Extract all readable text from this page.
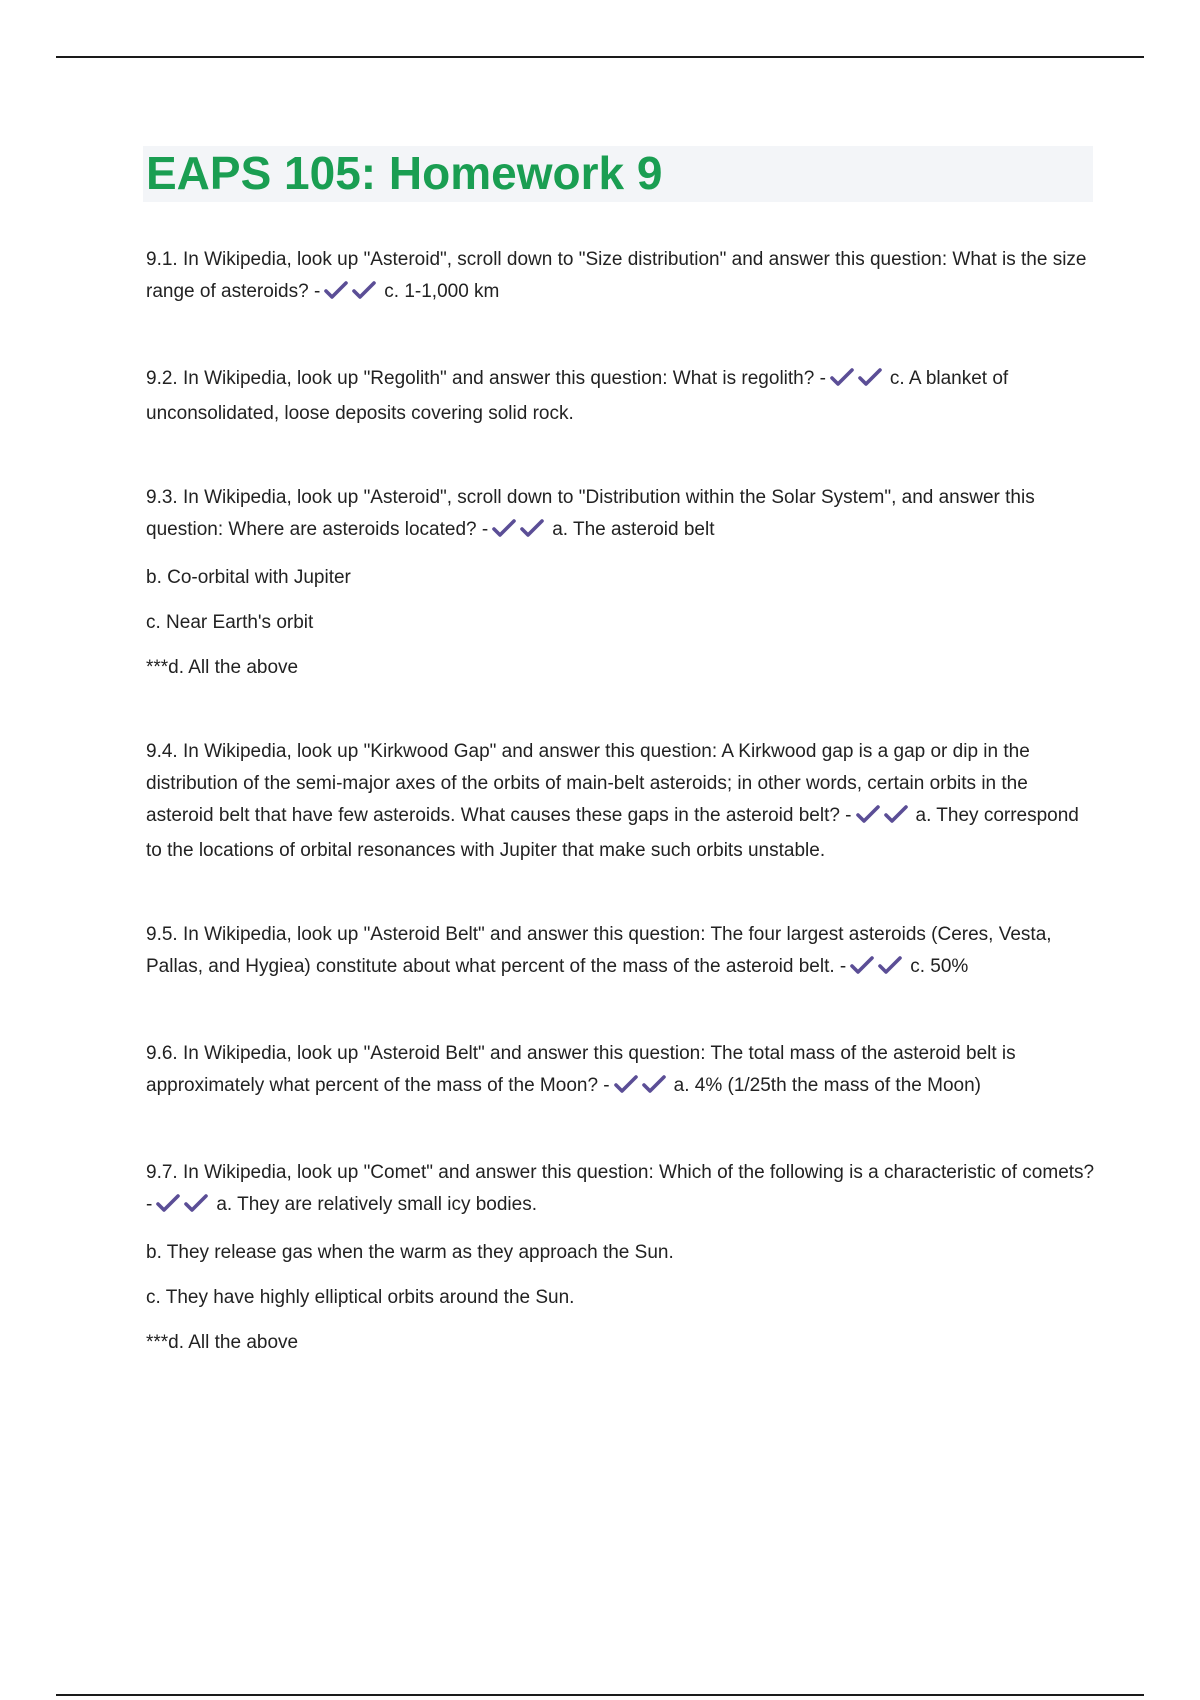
EAPS 105: Homework 9

9.1. In Wikipedia, look up "Asteroid", scroll down to "Size distribution" and answer this question: What is the size range of asteroids? -	c. 1-1,000 km

9.2. In Wikipedia, look up "Regolith" and answer this question: What is regolith? -	c. A blanket of unconsolidated, loose deposits covering solid rock.

9.3. In Wikipedia, look up "Asteroid", scroll down to "Distribution within the Solar System", and answer this question: Where are asteroids located? -	a. The asteroid belt

b. Co-orbital with Jupiter

c. Near Earth's orbit

***d. All the above

9.4. In Wikipedia, look up "Kirkwood Gap" and answer this question: A Kirkwood gap is a gap or dip in the distribution of the semi-major axes of the orbits of main-belt asteroids; in other words, certain orbits in the asteroid belt that have few asteroids. What causes these gaps in the asteroid belt? -	a. They correspond to the locations of orbital resonances with Jupiter that make such orbits unstable.

9.5. In Wikipedia, look up "Asteroid Belt" and answer this question: The four largest asteroids (Ceres, Vesta, Pallas, and Hygiea) constitute about what percent of the mass of the asteroid belt. -	c. 50%

9.6. In Wikipedia, look up "Asteroid Belt" and answer this question: The total mass of the asteroid belt is approximately what percent of the mass of the Moon? -	a. 4% (1/25th the mass of the Moon)

9.7. In Wikipedia, look up "Comet" and answer this question: Which of the following is a characteristic of comets? -	a. They are relatively small icy bodies.

b. They release gas when the warm as they approach the Sun.

c. They have highly elliptical orbits around the Sun.

***d. All the above
